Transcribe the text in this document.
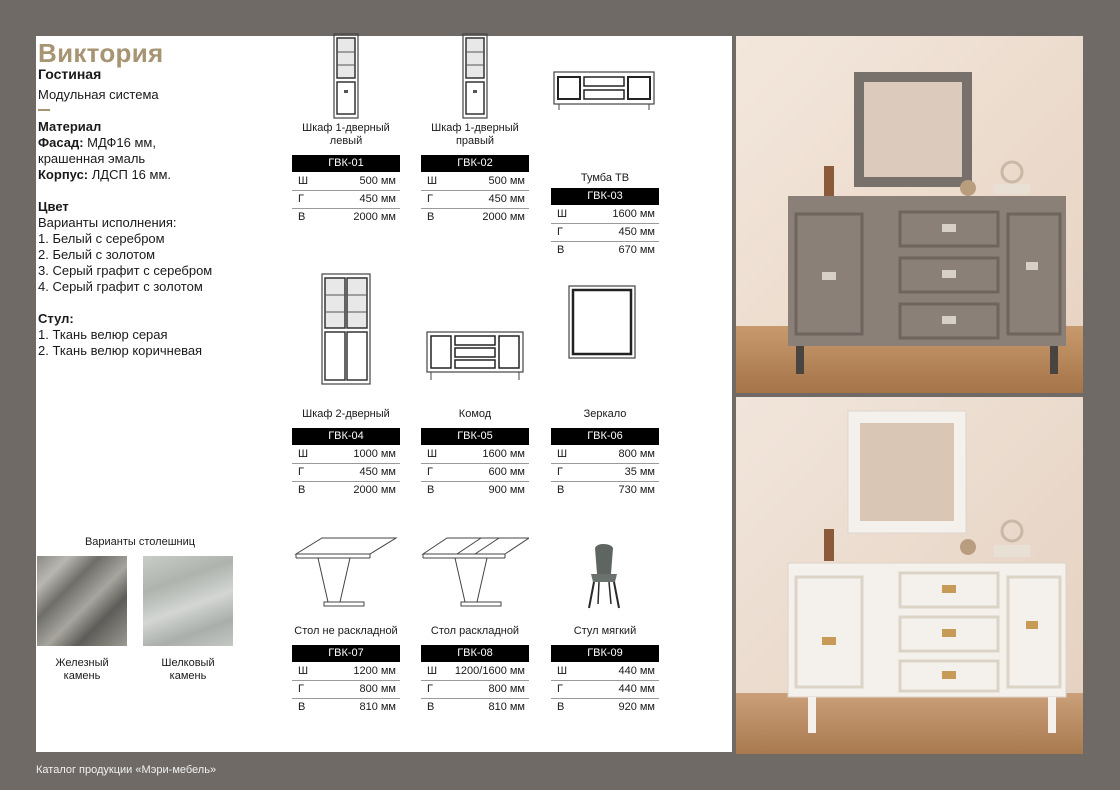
Виктория
Гостиная
Модульная система
Материал
Фасад: МДФ16 мм,
крашенная эмаль
Корпус: ЛДСП 16 мм.
Цвет
Варианты исполнения:
1. Белый с серебром
2. Белый с золотом
3. Серый графит с серебром
4. Серый графит с золотом
Стул:
1. Ткань велюр серая
2. Ткань велюр коричневая
Варианты столешниц
Железный
камень
Шелковый
камень
Шкаф 1-дверный
левый
ГВК-01
Ш	500 мм
Г	450 мм
В	2000 мм
Шкаф 1-дверный
правый
ГВК-02
Ш	500 мм
Г	450 мм
В	2000 мм
Тумба ТВ
ГВК-03
Ш	1600 мм
Г	450 мм
В	670 мм
Шкаф 2-дверный
ГВК-04
Ш	1000 мм
Г	450 мм
В	2000 мм
Комод
ГВК-05
Ш	1600 мм
Г	600 мм
В	900 мм
Зеркало
ГВК-06
Ш	800 мм
Г	35 мм
В	730 мм
Стол не раскладной
ГВК-07
Ш	1200 мм
Г	800 мм
В	810 мм
Стол раскладной
ГВК-08
Ш 1200/1600 мм
Г	800 мм
В	810 мм
Стул мягкий
ГВК-09
Ш	440 мм
Г	440 мм
В	920 мм
Каталог продукции «Мэри-мебель»
